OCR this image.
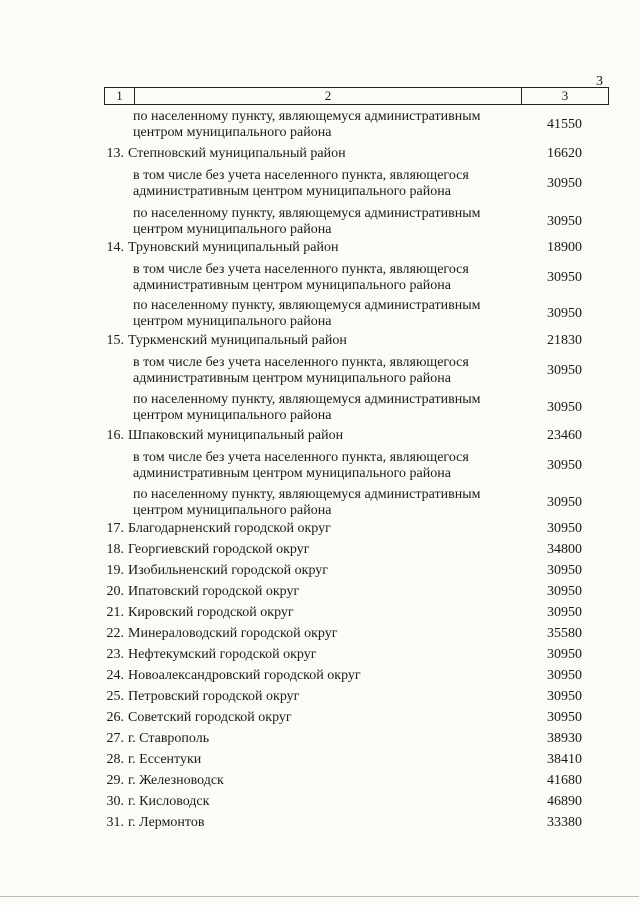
3
1	2	3
по населенному пункту, являющемуся административным
центром муниципального района
41550
13. Степновский муниципальный район	16620
в том числе без учета населенного пункта, являющегося
административным центром муниципального района
30950
по населенному пункту, являющемуся административным
центром муниципального района
30950
14. Труновский муниципальный район	18900
в том числе без учета населенного пункта, являющегося
административным центром муниципального района
30950
по населенному пункту, являющемуся административным
центром муниципального района
30950
15. Туркменский муниципальный район	21830
в том числе без учета населенного пункта, являющегося
административным центром муниципального района
30950
по населенному пункту, являющемуся административным
центром муниципального района
30950
16. Шпаковский муниципальный район	23460
в том числе без учета населенного пункта, являющегося
административным центром муниципального района
30950
по населенному пункту, являющемуся административным
центром муниципального района
30950
17. Благодарненский городской округ	30950
18. Георгиевский городской округ	34800
19. Изобильненский городской округ	30950
20. Ипатовский городской округ	30950
21. Кировский городской округ	30950
22. Минераловодский городской округ	35580
23. Нефтекумский городской округ	30950
24. Новоалександровский городской округ	30950
25. Петровский городской округ	30950
26. Советский городской округ	30950
27. г. Ставрополь	38930
28. г. Ессентуки	38410
29. г. Железноводск	41680
30. г. Кисловодск	46890
31. г. Лермонтов	33380
